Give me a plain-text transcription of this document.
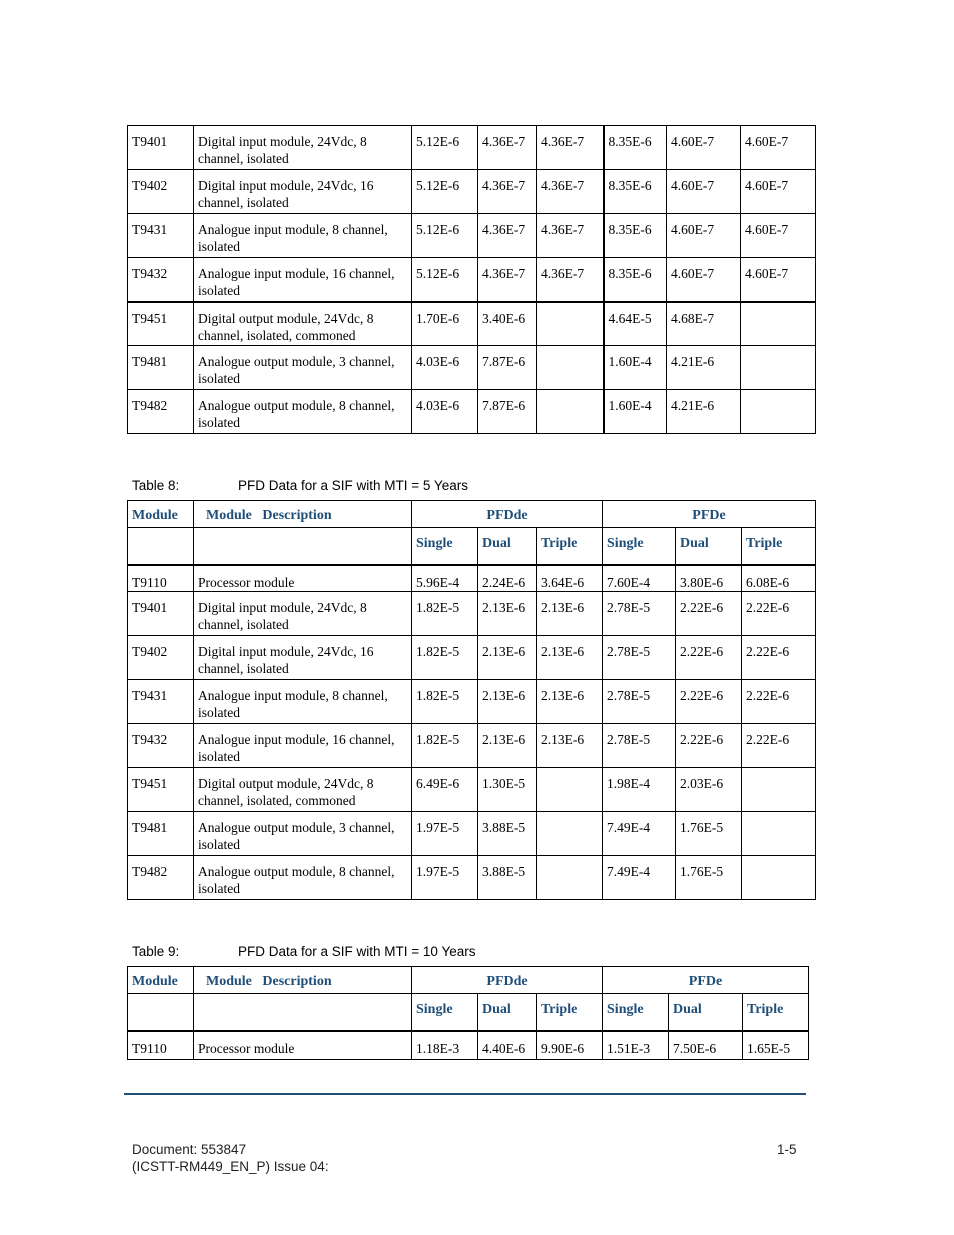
T9401	Digital input module, 24Vdc, 8 channel, isolated	5.12E-6	4.36E-7	4.36E-7	8.35E-6	4.60E-7	4.60E-7
T9402	Digital input module, 24Vdc, 16 channel, isolated	5.12E-6	4.36E-7	4.36E-7	8.35E-6	4.60E-7	4.60E-7
T9431	Analogue input module, 8 channel, isolated	5.12E-6	4.36E-7	4.36E-7	8.35E-6	4.60E-7	4.60E-7
T9432	Analogue input module, 16 channel, isolated	5.12E-6	4.36E-7	4.36E-7	8.35E-6	4.60E-7	4.60E-7
T9451	Digital output module, 24Vdc, 8 channel, isolated, commoned	1.70E-6	3.40E-6		4.64E-5	4.68E-7	
T9481	Analogue output module, 3 channel, isolated	4.03E-6	7.87E-6		1.60E-4	4.21E-6	
T9482	Analogue output module, 8 channel, isolated	4.03E-6	7.87E-6		1.60E-4	4.21E-6	
Table 8:	PFD Data for a SIF with MTI = 5 Years
Module	Module   Description	PFDde			PFDe		
		Single	Dual	Triple	Single	Dual	Triple
T9110	Processor module	5.96E-4	2.24E-6	3.64E-6	7.60E-4	3.80E-6	6.08E-6
T9401	Digital input module, 24Vdc, 8 channel, isolated	1.82E-5	2.13E-6	2.13E-6	2.78E-5	2.22E-6	2.22E-6
T9402	Digital input module, 24Vdc, 16 channel, isolated	1.82E-5	2.13E-6	2.13E-6	2.78E-5	2.22E-6	2.22E-6
T9431	Analogue input module, 8 channel, isolated	1.82E-5	2.13E-6	2.13E-6	2.78E-5	2.22E-6	2.22E-6
T9432	Analogue input module, 16 channel, isolated	1.82E-5	2.13E-6	2.13E-6	2.78E-5	2.22E-6	2.22E-6
T9451	Digital output module, 24Vdc, 8 channel, isolated, commoned	6.49E-6	1.30E-5		1.98E-4	2.03E-6	
T9481	Analogue output module, 3 channel, isolated	1.97E-5	3.88E-5		7.49E-4	1.76E-5	
T9482	Analogue output module, 8 channel, isolated	1.97E-5	3.88E-5		7.49E-4	1.76E-5	
Table 9:	PFD Data for a SIF with MTI = 10 Years
Module	Module   Description	PFDde			PFDe		
		Single	Dual	Triple	Single	Dual	Triple
T9110	Processor module	1.18E-3	4.40E-6	9.90E-6	1.51E-3	7.50E-6	1.65E-5
Document: 553847
(ICSTT-RM449_EN_P) Issue 04:
1-5
